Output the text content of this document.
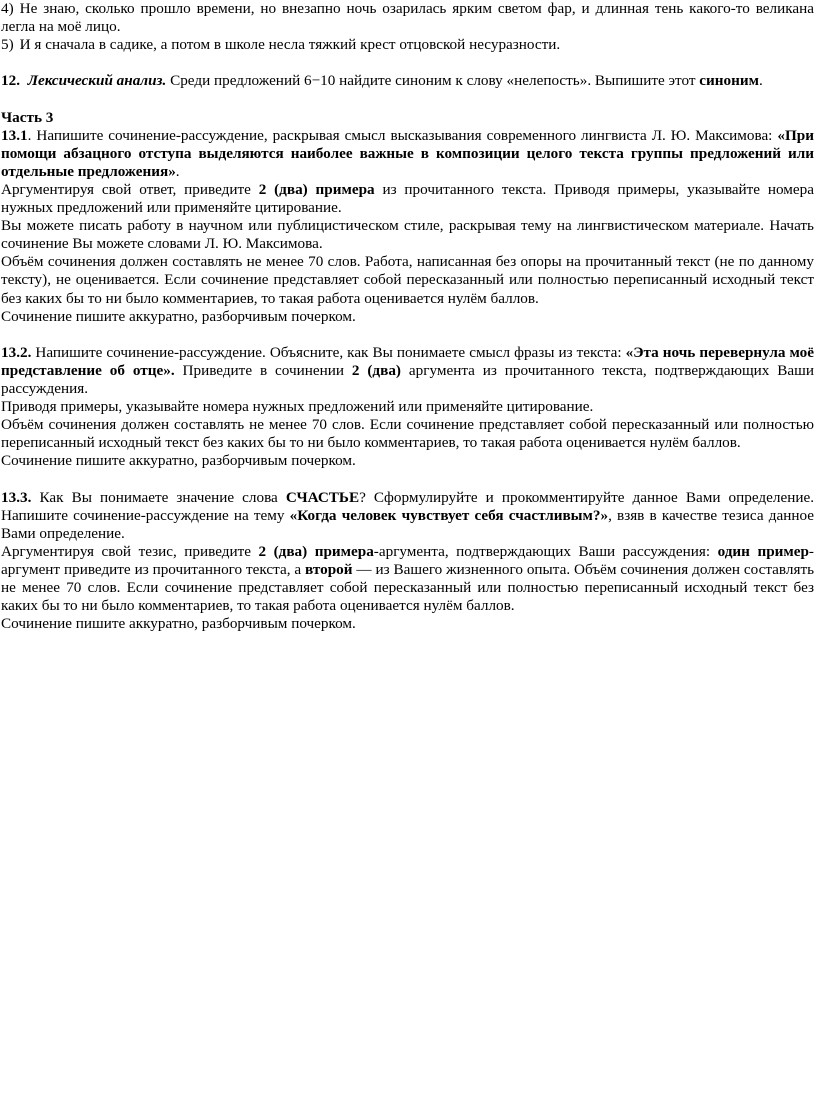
4) Не знаю, сколько прошло времени, но внезапно ночь озарилась ярким светом фар, и длинная тень какого-то великана легла на моё лицо.

5) И я сначала в садике, а потом в школе несла тяжкий крест отцовской несуразности.

12. Лексический анализ. Среди предложений 6−10 найдите синоним к слову «нелепость». Выпишите этот синоним.

Часть 3

13.1. Напишите сочинение-рассуждение, раскрывая смысл высказывания современного лингвиста Л. Ю. Максимова: «При помощи абзацного отступа выделяются наиболее важные в композиции целого текста группы предложений или отдельные предложения».

Аргументируя свой ответ, приведите 2 (два) примера из прочитанного текста. Приводя примеры, указывайте номера нужных предложений или применяйте цитирование.

Вы можете писать работу в научном или публицистическом стиле, раскрывая тему на лингвистическом материале. Начать сочинение Вы можете словами Л. Ю. Максимова.

Объём сочинения должен составлять не менее 70 слов. Работа, написанная без опоры на прочитанный текст (не по данному тексту), не оценивается. Если сочинение представляет собой пересказанный или полностью переписанный исходный текст без каких бы то ни было комментариев, то такая работа оценивается нулём баллов.

Сочинение пишите аккуратно, разборчивым почерком.

13.2. Напишите сочинение-рассуждение. Объясните, как Вы понимаете смысл фразы из текста: «Эта ночь перевернула моё представление об отце». Приведите в сочинении 2 (два) аргумента из прочитанного текста, подтверждающих Ваши рассуждения.

Приводя примеры, указывайте номера нужных предложений или применяйте цитирование.

Объём сочинения должен составлять не менее 70 слов. Если сочинение представляет собой пересказанный или полностью переписанный исходный текст без каких бы то ни было комментариев, то такая работа оценивается нулём баллов.

Сочинение пишите аккуратно, разборчивым почерком.

13.3. Как Вы понимаете значение слова СЧАСТЬЕ? Сформулируйте и прокомментируйте данное Вами определение. Напишите сочинение-рассуждение на тему «Когда человек чувствует себя счастливым?», взяв в качестве тезиса данное Вами определение.

Аргументируя свой тезис, приведите 2 (два) примера-аргумента, подтверждающих Ваши рассуждения: один пример-аргумент приведите из прочитанного текста, а второй — из Вашего жизненного опыта. Объём сочинения должен составлять не менее 70 слов. Если сочинение представляет собой пересказанный или полностью переписанный исходный текст без каких бы то ни было комментариев, то такая работа оценивается нулём баллов.

Сочинение пишите аккуратно, разборчивым почерком.
